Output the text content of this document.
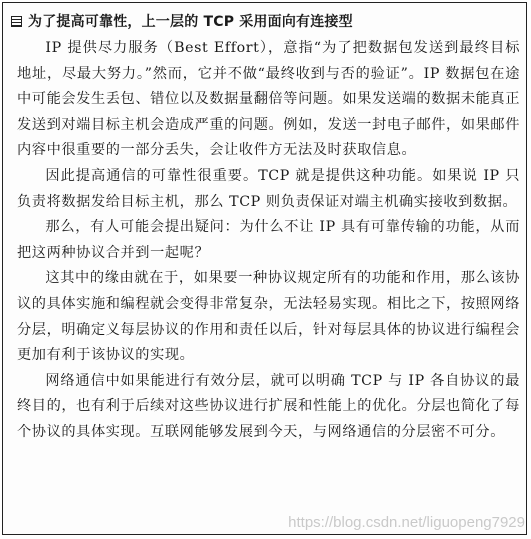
为了提高可靠性，上一层的 TCP 采用面向有连接型

IP 提供尽力服务（Best Effort），意指“为了把数据包发送到最终目标地址，尽最大努力。”然而，它并不做“最终收到与否的验证”。IP 数据包在途中可能会发生丢包、错位以及数据量翻倍等问题。如果发送端的数据未能真正发送到对端目标主机会造成严重的问题。例如，发送一封电子邮件，如果邮件内容中很重要的一部分丢失，会让收件方无法及时获取信息。

因此提高通信的可靠性很重要。TCP 就是提供这种功能。如果说 IP 只负责将数据发给目标主机，那么 TCP 则负责保证对端主机确实接收到数据。

那么，有人可能会提出疑问：为什么不让 IP 具有可靠传输的功能，从而把这两种协议合并到一起呢？

这其中的缘由就在于，如果要一种协议规定所有的功能和作用，那么该协议的具体实施和编程就会变得非常复杂，无法轻易实现。相比之下，按照网络分层，明确定义每层协议的作用和责任以后，针对每层具体的协议进行编程会更加有利于该协议的实现。

网络通信中如果能进行有效分层，就可以明确 TCP 与 IP 各自协议的最终目的，也有利于后续对这些协议进行扩展和性能上的优化。分层也简化了每个协议的具体实现。互联网能够发展到今天，与网络通信的分层密不可分。

https://blog.csdn.net/liguopeng7929
